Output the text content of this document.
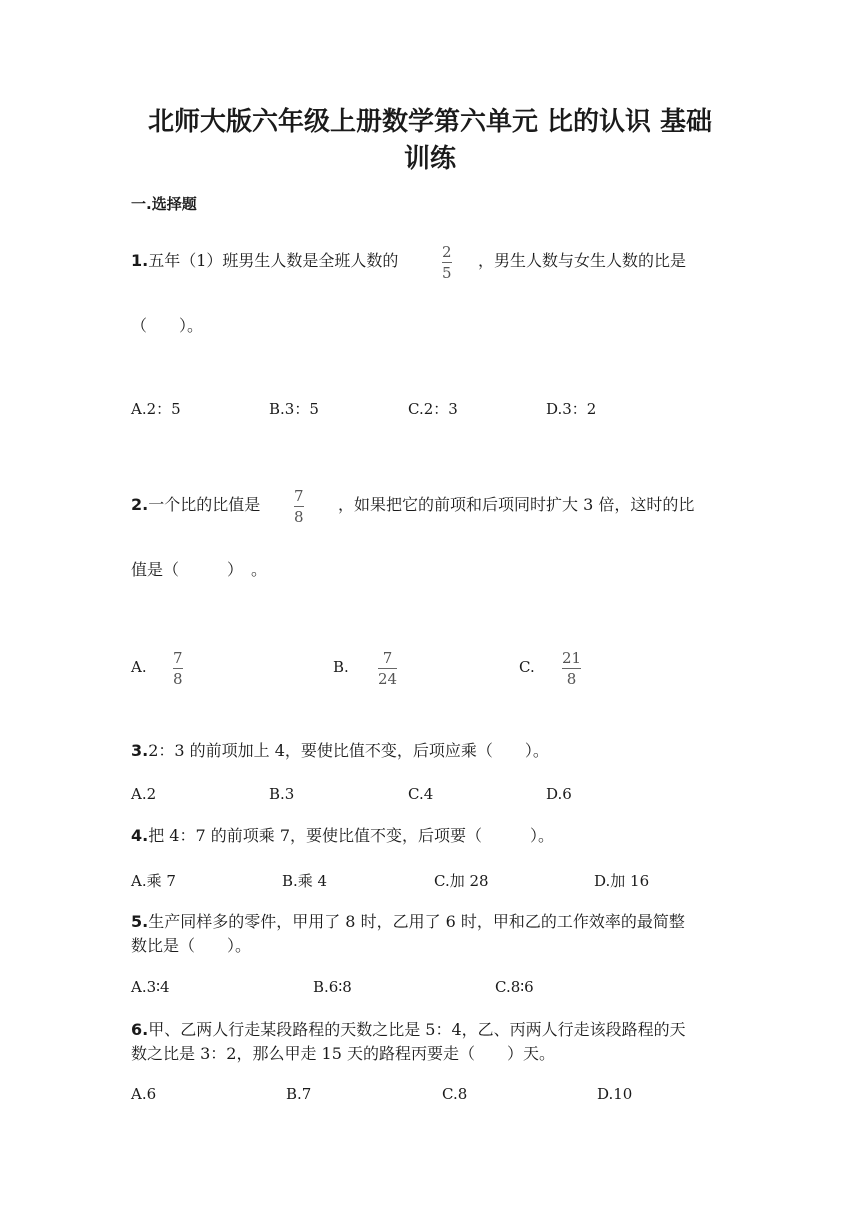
北师大版六年级上册数学第六单元 比的认识 基础
训练
一.选择题
1.五年（1）班男生人数是全班人数的	2
5
，男生人数与女生人数的比是
（　　）。
A.2：5	B.3：5	C.2：3	D.3：2
2.一个比的比值是 7
8
，如果把它的前项和后项同时扩大 3 倍，这时的比
值是（　　　）　。
A. 7
8
B. 7
24
C. 21
8
3.2：3 的前项加上 4，要使比值不变，后项应乘（　　）。
A.2	B.3	C.4	D.6
4.把 4：7 的前项乘 7，要使比值不变，后项要（　　　）。
A.乘 7	B.乘 4	C.加 28	D.加 16
5.生产同样多的零件，甲用了 8 时，乙用了 6 时，甲和乙的工作效率的最简整
数比是（　　）。
A.3∶4	B.6∶8	C.8∶6
6.甲、乙两人行走某段路程的天数之比是 5：4，乙、丙两人行走该段路程的天
数之比是 3：2，那么甲走 15 天的路程丙要走（　　）天。
A.6	B.7	C.8	D.10
